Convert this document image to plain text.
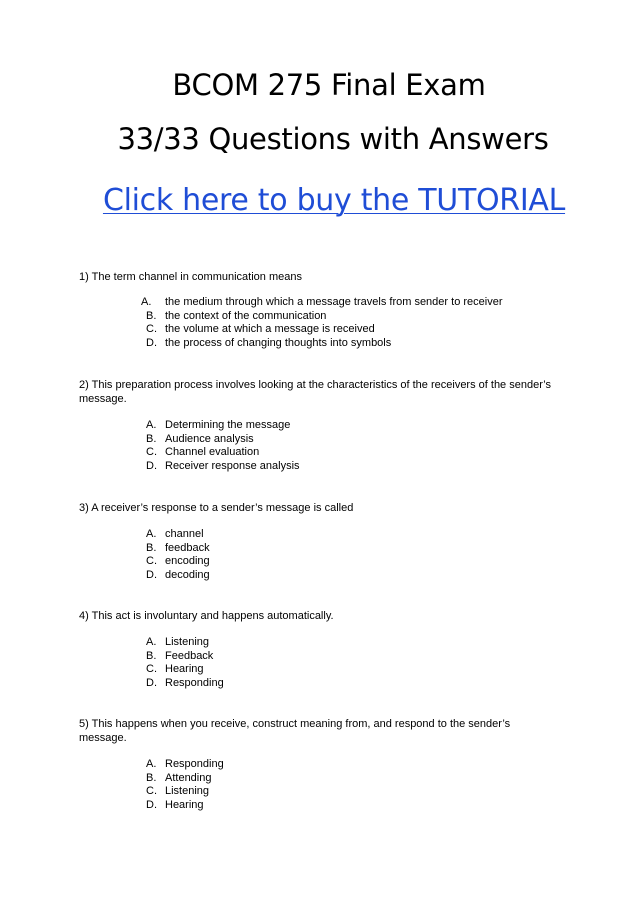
BCOM 275 Final Exam
33/33 Questions with Answers
Click here to buy the TUTORIAL
1) The term channel in communication means
A. the medium through which a message travels from sender to receiver
B. the context of the communication
C. the volume at which a message is received
D. the process of changing thoughts into symbols
2) This preparation process involves looking at the characteristics of the receivers of the sender’s message.
A. Determining the message
B. Audience analysis
C. Channel evaluation
D. Receiver response analysis
3) A receiver’s response to a sender’s message is called
A. channel
B. feedback
C. encoding
D. decoding
4) This act is involuntary and happens automatically.
A. Listening
B. Feedback
C. Hearing
D. Responding
5) This happens when you receive, construct meaning from, and respond to the sender’s message.
A. Responding
B. Attending
C. Listening
D. Hearing
